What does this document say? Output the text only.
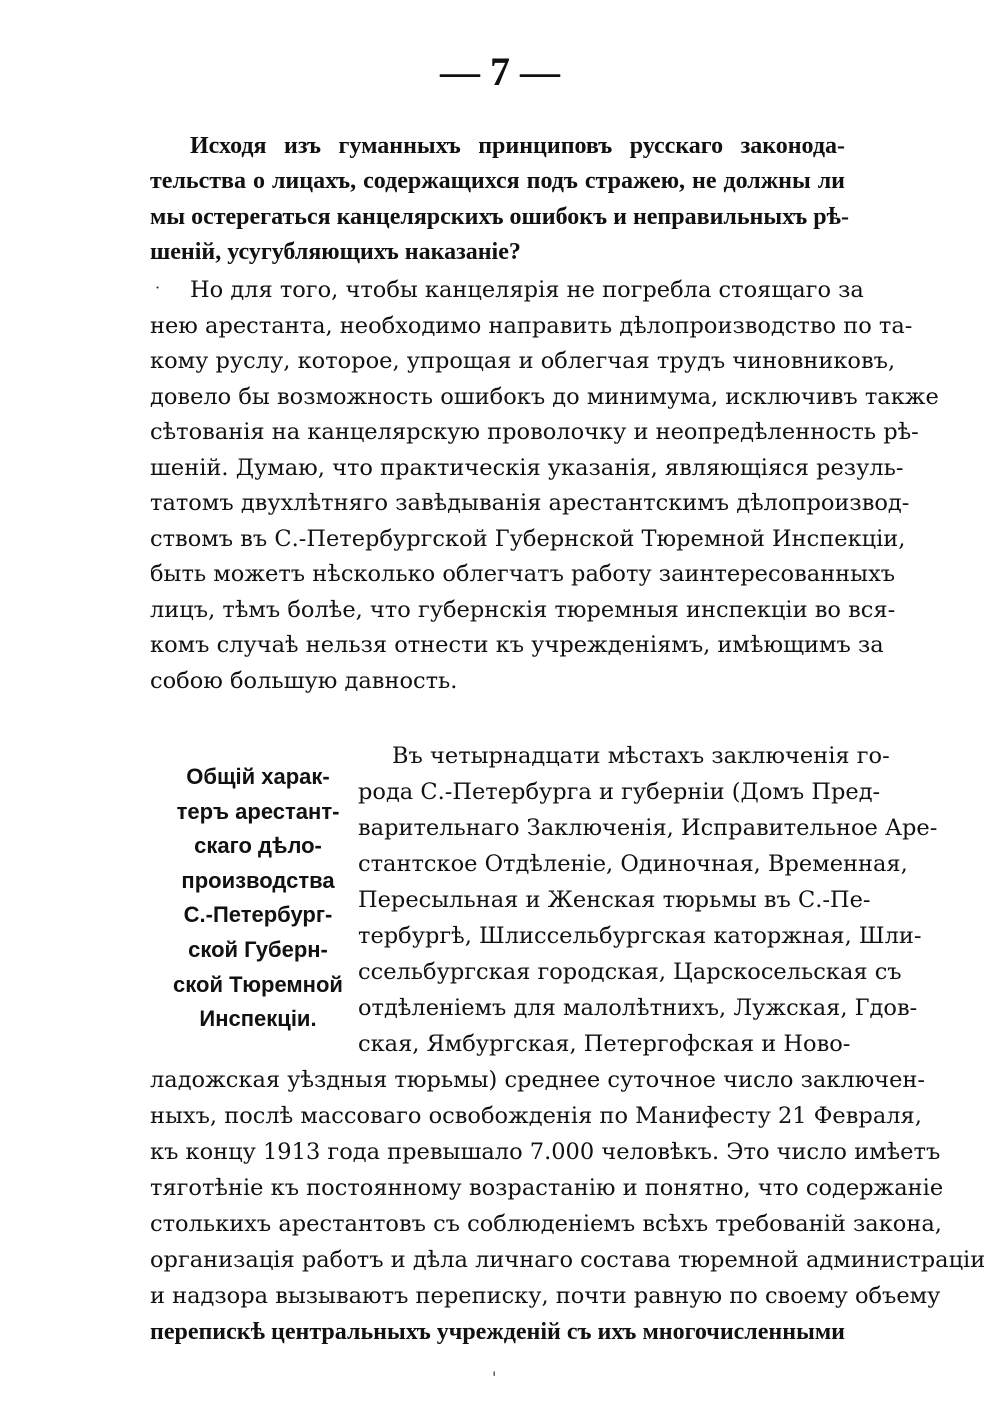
— 7 —
Исходя изъ гуманныхъ принциповъ русскаго законода-
тельства о лицахъ, содержащихся подъ стражею, не должны ли
мы остерегаться канцелярскихъ ошибокъ и неправильныхъ рѣ-
шеній, усугубляющихъ наказаніе?
· Но для того, чтобы канцелярія не погребла стоящаго за
нею арестанта, необходимо направить дѣлопроизводство по та-
кому руслу, которое, упрощая и облегчая трудъ чиновниковъ,
довело бы возможность ошибокъ до минимума, исключивъ также
сѣтованія на канцелярскую проволочку и неопредѣленность рѣ-
шеній. Думаю, что практическія указанія, являющіяся резуль-
татомъ двухлѣтняго завѣдыванія арестантскимъ дѣлопроизвод-
ствомъ въ С.-Петербургской Губернской Тюремной Инспекціи,
быть можетъ нѣсколько облегчатъ работу заинтересованныхъ
лицъ, тѣмъ болѣе, что губернскія тюремныя инспекціи во вся-
комъ случаѣ нельзя отнести къ учрежденіямъ, имѣющимъ за
собою большую давность.
Общій харак-
теръ арестант-
скаго дѣло-
производства
С.-Петербург-
ской Губерн-
ской Тюремной
Инспекціи.
Въ четырнадцати мѣстахъ заключенія го-
рода С.-Петербурга и губерніи (Домъ Пред-
варительнаго Заключенія, Исправительное Аре-
стантское Отдѣленіе, Одиночная, Временная,
Пересыльная и Женская тюрьмы въ С.-Пе-
тербургѣ, Шлиссельбургская каторжная, Шли-
ссельбургская городская, Царскосельская съ
отдѣленіемъ для малолѣтнихъ, Лужская, Гдов-
ская, Ямбургская, Петергофская и Ново-
ладожская уѣздныя тюрьмы) среднее суточное число заключен-
ныхъ, послѣ массоваго освобожденія по Манифесту 21 Февраля,
къ концу 1913 года превышало 7.000 человѣкъ. Это число имѣетъ
тяготѣніе къ постоянному возрастанію и понятно, что содержаніе
столькихъ арестантовъ съ соблюденіемъ всѣхъ требованій закона,
организація работъ и дѣла личнаго состава тюремной администраціи
и надзора вызываютъ переписку, почти равную по своему объему
перепискѣ центральныхъ учрежденій съ ихъ многочисленными
'
